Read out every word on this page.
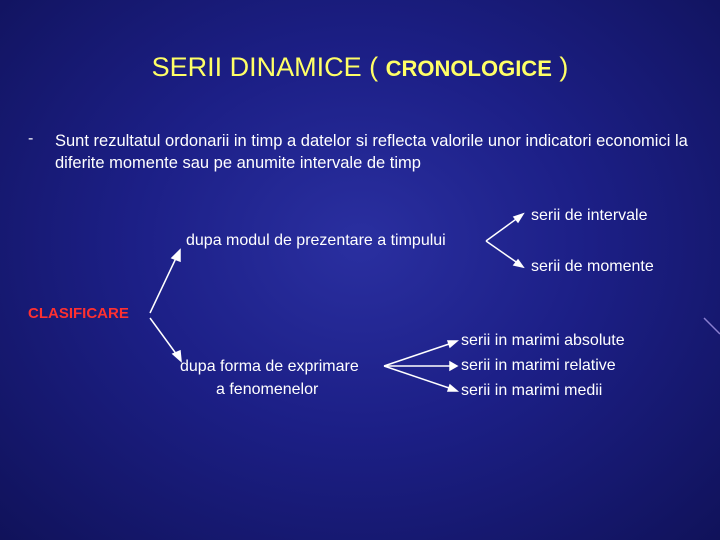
SERII DINAMICE ( CRONOLOGICE )
- Sunt rezultatul ordonarii in timp a datelor si reflecta valorile unor indicatori economici la diferite momente sau pe anumite intervale de timp
CLASIFICARE
dupa modul de prezentare a timpului
serii de intervale
serii de momente
dupa forma de exprimare
a fenomenelor
serii in marimi absolute
serii in marimi relative
serii in marimi medii
